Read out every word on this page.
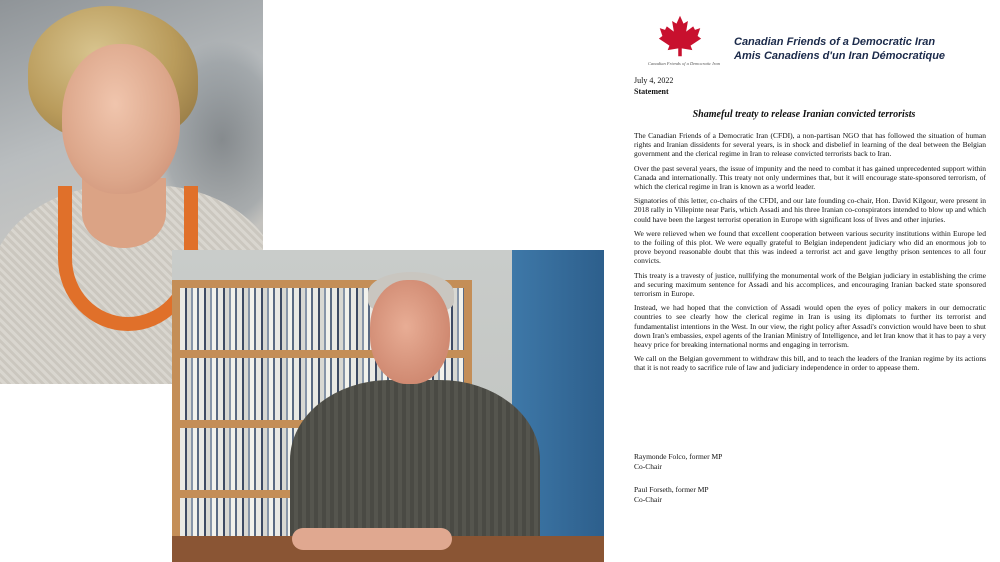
Canadian Friends of a Democratic Iran
Canadian Friends of a Democratic Iran
Amis Canadiens d'un Iran Démocratique
July 4, 2022
Statement
Shameful treaty to release Iranian convicted terrorists

The Canadian Friends of a Democratic Iran (CFDI), a non-partisan NGO that has followed the situation of human rights and Iranian dissidents for several years, is in shock and disbelief in learning of the deal between the Belgian government and the clerical regime in Iran to release convicted terrorists back to Iran.

Over the past several years, the issue of impunity and the need to combat it has gained unprecedented support within Canada and internationally. This treaty not only undermines that, but it will encourage state-sponsored terrorism, of which the clerical regime in Iran is known as a world leader.

Signatories of this letter, co-chairs of the CFDI, and our late founding co-chair, Hon. David Kilgour, were present in 2018 rally in Villepinte near Paris, which Assadi and his three Iranian co-conspirators intended to blow up and which could have been the largest terrorist operation in Europe with significant loss of lives and other injuries.

We were relieved when we found that excellent cooperation between various security institutions within Europe led to the foiling of this plot. We were equally grateful to Belgian independent judiciary who did an enormous job to prove beyond reasonable doubt that this was indeed a terrorist act and gave lengthy prison sentences to all four convicts.

This treaty is a travesty of justice, nullifying the monumental work of the Belgian judiciary in establishing the crime and securing maximum sentence for Assadi and his accomplices, and encouraging Iranian backed state sponsored terrorism in Europe.

Instead, we had hoped that the conviction of Assadi would open the eyes of policy makers in our democratic countries to see clearly how the clerical regime in Iran is using its diplomats to further its terrorist and fundamentalist intentions in the West. In our view, the right policy after Assadi's conviction would have been to shut down Iran's embassies, expel agents of the Iranian Ministry of Intelligence, and let Iran know that it has to pay a very heavy price for breaking international norms and engaging in terrorism.

We call on the Belgian government to withdraw this bill, and to teach the leaders of the Iranian regime by its actions that it is not ready to sacrifice rule of law and judiciary independence in order to appease them.

Raymonde Folco, former MP
Co-Chair
Paul Forseth, former MP
Co-Chair
